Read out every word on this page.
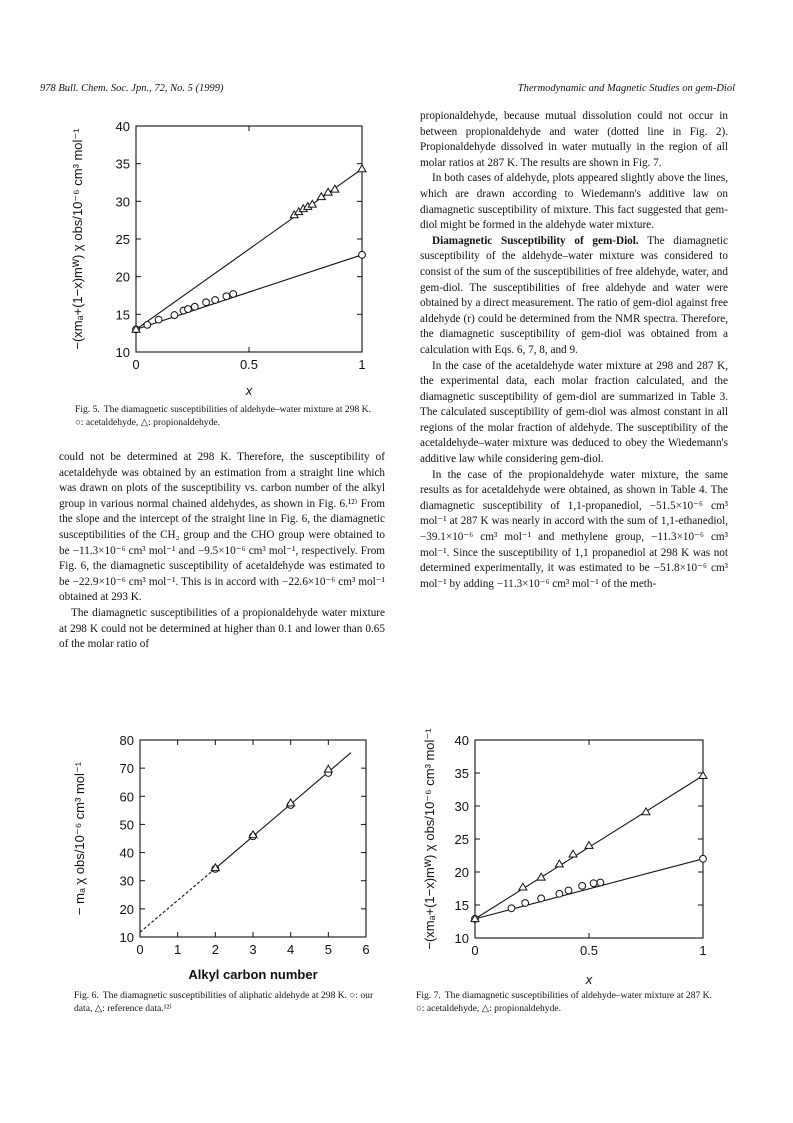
978 Bull. Chem. Soc. Jpn., 72, No. 5 (1999)	Thermodynamic and Magnetic Studies on gem-Diol
10
15
20
25
30
35
40
0	0.5	1
x
−(xmₐ+(1−x)mᵂ) χ obs/10⁻⁶ cm³ mol⁻¹
Fig. 5. The diamagnetic susceptibilities of aldehyde–water mixture at 298 K. ○: acetaldehyde, △: propionaldehyde.

could not be determined at 298 K. Therefore, the susceptibility of acetaldehyde was obtained by an estimation from a straight line which was drawn on plots of the susceptibility vs. carbon number of the alkyl group in various normal chained aldehydes, as shown in Fig. 6.¹²⁾ From the slope and the intercept of the straight line in Fig. 6, the diamagnetic susceptibilities of the CH₂ group and the CHO group were obtained to be −11.3×10⁻⁶ cm³ mol⁻¹ and −9.5×10⁻⁶ cm³ mol⁻¹, respectively. From Fig. 6, the diamagnetic susceptibility of acetaldehyde was estimated to be −22.9×10⁻⁶ cm³ mol⁻¹. This is in accord with −22.6×10⁻⁶ cm³ mol⁻¹ obtained at 293 K.

The diamagnetic susceptibilities of a propionaldehyde water mixture at 298 K could not be determined at higher than 0.1 and lower than 0.65 of the molar ratio of

propionaldehyde, because mutual dissolution could not occur in between propionaldehyde and water (dotted line in Fig. 2). Propionaldehyde dissolved in water mutually in the region of all molar ratios at 287 K. The results are shown in Fig. 7.

In both cases of aldehyde, plots appeared slightly above the lines, which are drawn according to Wiedemann's additive law on diamagnetic susceptibility of mixture. This fact suggested that gem-diol might be formed in the aldehyde water mixture.

Diamagnetic Susceptibility of gem-Diol. The diamagnetic susceptibility of the aldehyde–water mixture was considered to consist of the sum of the susceptibilities of free aldehyde, water, and gem-diol. The susceptibilities of free aldehyde and water were obtained by a direct measurement. The ratio of gem-diol against free aldehyde (r) could be determined from the NMR spectra. Therefore, the diamagnetic susceptibility of gem-diol was obtained from a calculation with Eqs. 6, 7, 8, and 9.

In the case of the acetaldehyde water mixture at 298 and 287 K, the experimental data, each molar fraction calculated, and the diamagnetic susceptibility of gem-diol are summarized in Table 3. The calculated susceptibility of gem-diol was almost constant in all regions of the molar fraction of aldehyde. The susceptibility of the acetaldehyde–water mixture was deduced to obey the Wiedemann's additive law while considering gem-diol.

In the case of the propionaldehyde water mixture, the same results as for acetaldehyde were obtained, as shown in Table 4. The diamagnetic susceptibility of 1,1-propanediol, −51.5×10⁻⁶ cm³ mol⁻¹ at 287 K was nearly in accord with the sum of 1,1-ethanediol, −39.1×10⁻⁶ cm³ mol⁻¹ and methylene group, −11.3×10⁻⁶ cm³ mol⁻¹. Since the susceptibility of 1,1 propanediol at 298 K was not determined experimentally, it was estimated to be −51.8×10⁻⁶ cm³ mol⁻¹ by adding −11.3×10⁻⁶ cm³ mol⁻¹ of the meth-

10
20
30
40
50
60
70
80
0 1 2 3 4 5 6
Alkyl carbon number
− mₐ χ obs/10⁻⁶ cm³ mol⁻¹
Fig. 6. The diamagnetic susceptibilities of aliphatic aldehyde at 298 K. ○: our data, △: reference data.¹²⁾
10
15
20
25
30
35
40
0	0.5	1
x
−(xmₐ+(1−x)mᵂ) χ obs/10⁻⁶ cm³ mol⁻¹
Fig. 7. The diamagnetic susceptibilities of aldehyde–water mixture at 287 K. ○: acetaldehyde, △: propionaldehyde.
